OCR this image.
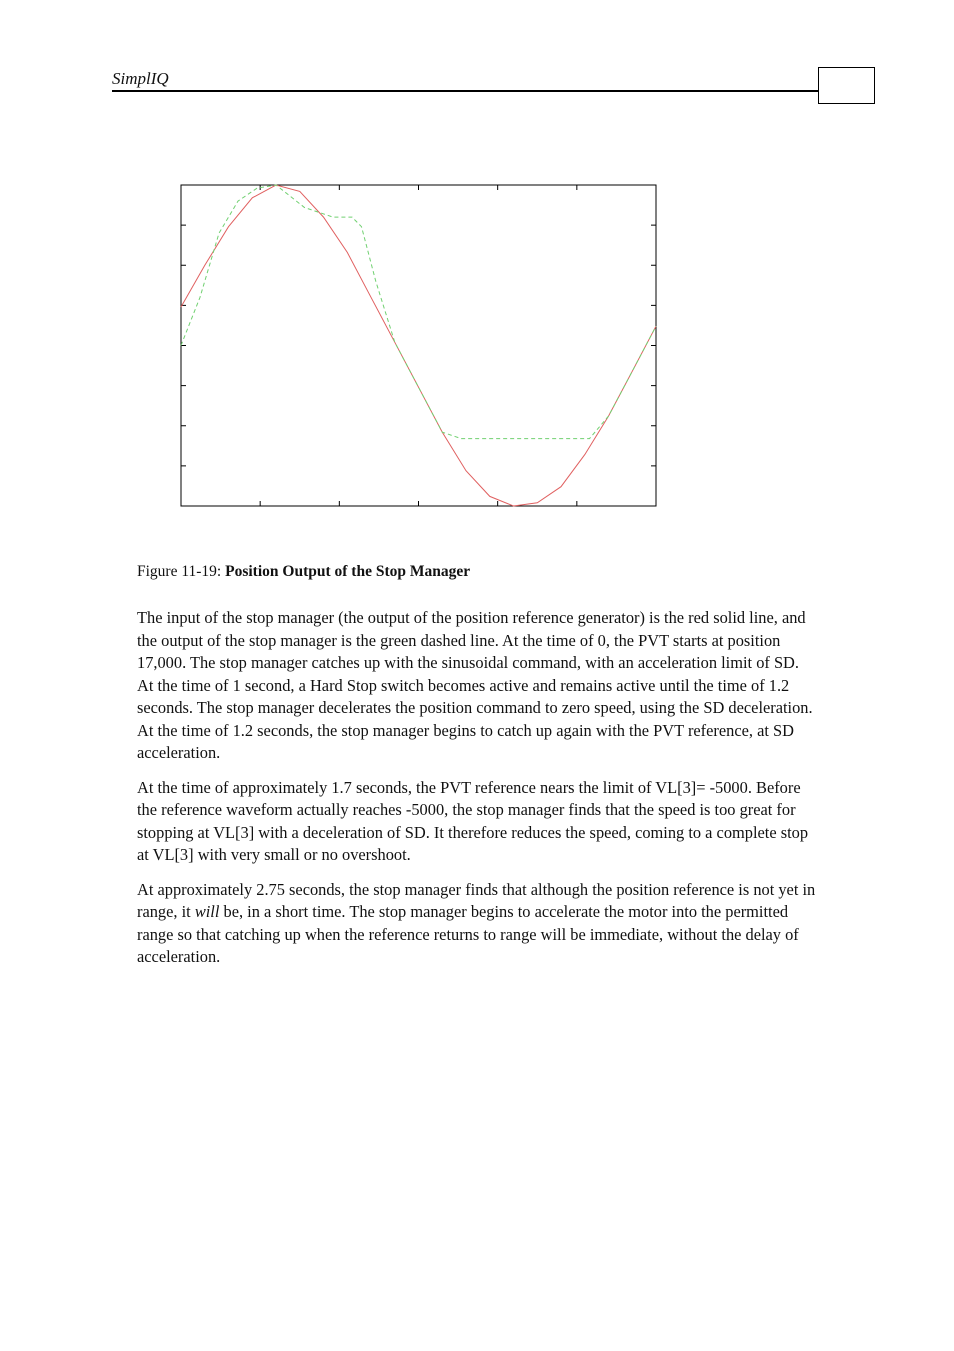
SimplIQ
Figure 11-19: Position Output of the Stop Manager

The input of the stop manager (the output of the position reference generator) is the red solid line, and the output of the stop manager is the green dashed line. At the time of 0, the PVT starts at position 17,000. The stop manager catches up with the sinusoidal command, with an acceleration limit of SD. At the time of 1 second, a Hard Stop switch becomes active and remains active until the time of 1.2 seconds. The stop manager decelerates the position command to zero speed, using the SD deceleration. At the time of 1.2 seconds, the stop manager begins to catch up again with the PVT reference, at SD acceleration.

At the time of approximately 1.7 seconds, the PVT reference nears the limit of VL[3]= -5000. Before the reference waveform actually reaches -5000, the stop manager finds that the speed is too great for stopping at VL[3] with a deceleration of SD. It therefore reduces the speed, coming to a complete stop at VL[3] with very small or no overshoot.

At approximately 2.75 seconds, the stop manager finds that although the position reference is not yet in range, it will be, in a short time. The stop manager begins to accelerate the motor into the permitted range so that catching up when the reference returns to range will be immediate, without the delay of acceleration.
